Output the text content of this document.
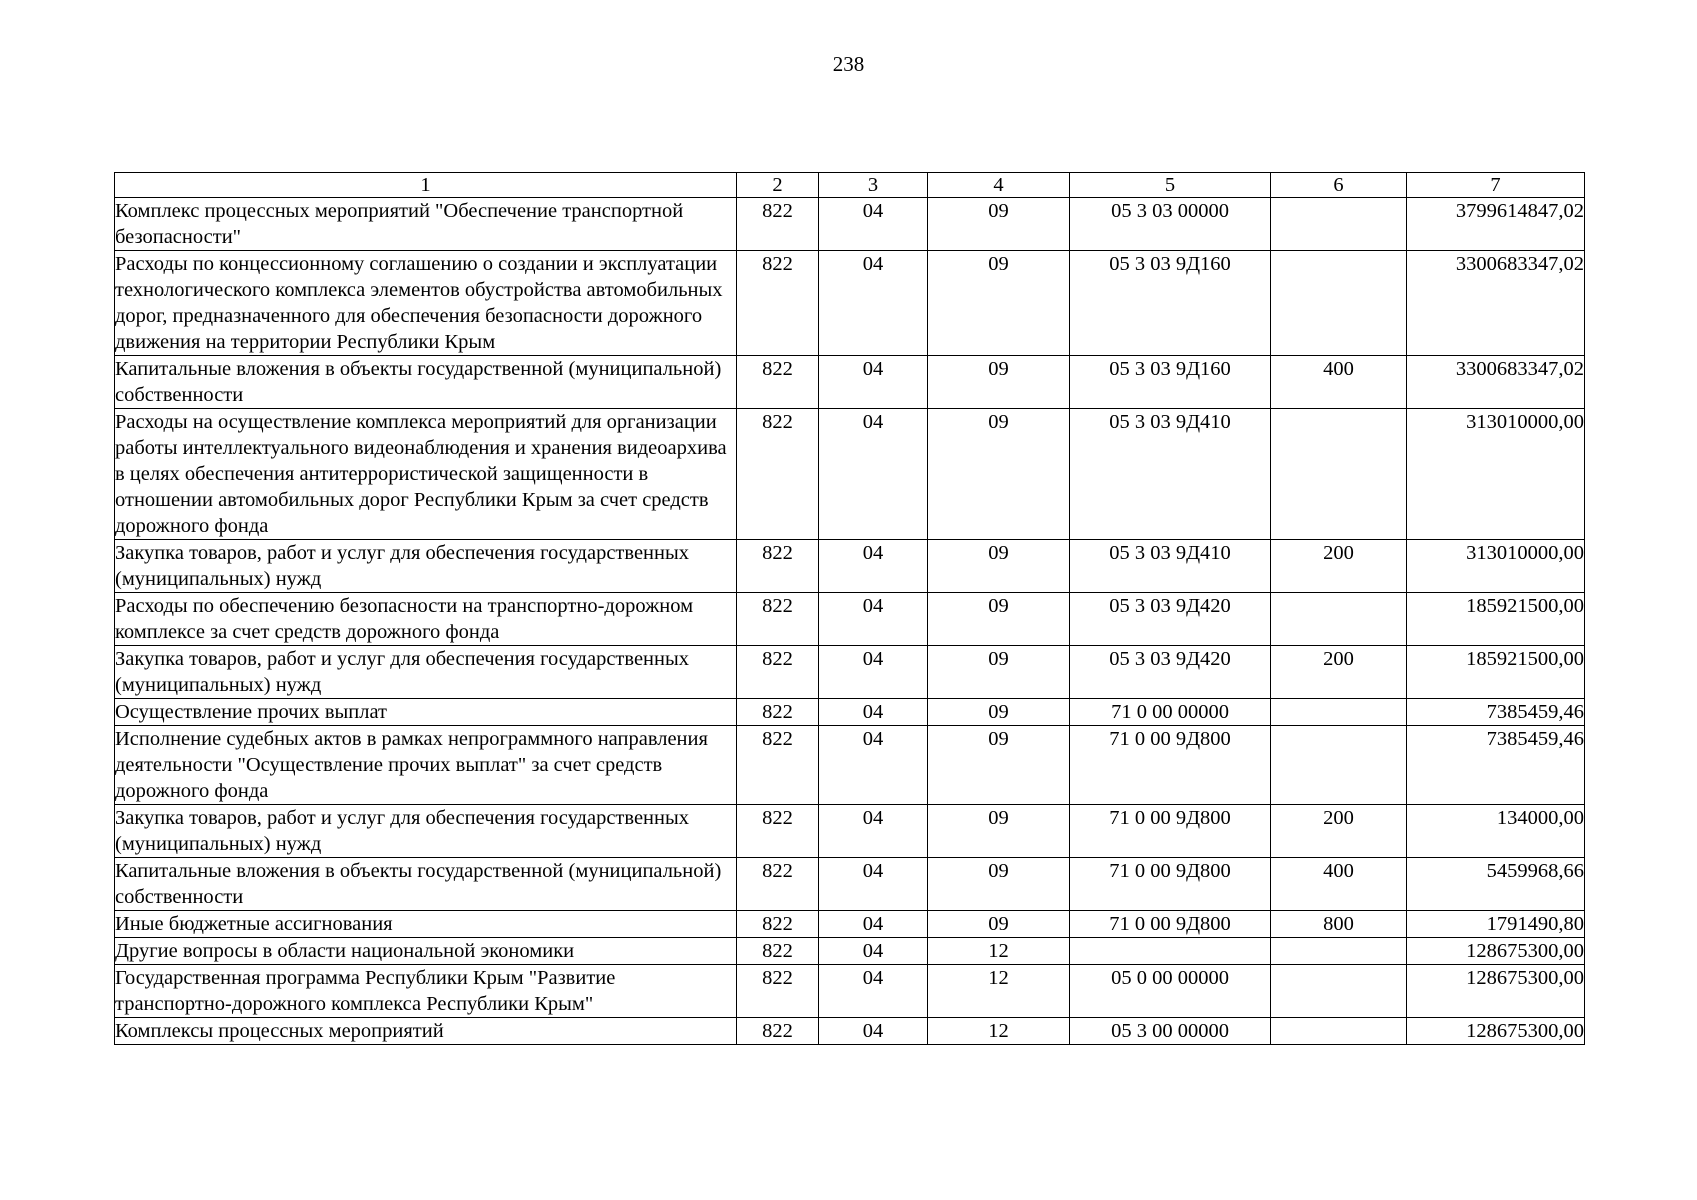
238
1	2	3	4	5	6	7
Комплекс процессных мероприятий "Обеспечение транспортной безопасности"	822	04	09	05 3 03 00000		3799614847,02
Расходы по концессионному соглашению о создании и эксплуатации технологического комплекса элементов обустройства автомобильных дорог, предназначенного для обеспечения безопасности дорожного движения на территории Республики Крым	822	04	09	05 3 03 9Д160		3300683347,02
Капитальные вложения в объекты государственной (муниципальной) собственности	822	04	09	05 3 03 9Д160	400	3300683347,02
Расходы на осуществление комплекса мероприятий для организации работы интеллектуального видеонаблюдения и хранения видеоархива в целях обеспечения антитеррористической защищенности в отношении автомобильных дорог Республики Крым за счет средств дорожного фонда	822	04	09	05 3 03 9Д410		313010000,00
Закупка товаров, работ и услуг для обеспечения государственных (муниципальных) нужд	822	04	09	05 3 03 9Д410	200	313010000,00
Расходы по обеспечению безопасности на транспортно-дорожном комплексе за счет средств дорожного фонда	822	04	09	05 3 03 9Д420		185921500,00
Закупка товаров, работ и услуг для обеспечения государственных (муниципальных) нужд	822	04	09	05 3 03 9Д420	200	185921500,00
Осуществление прочих выплат	822	04	09	71 0 00 00000		7385459,46
Исполнение судебных актов в рамках непрограммного направления деятельности "Осуществление прочих выплат" за счет средств дорожного фонда	822	04	09	71 0 00 9Д800		7385459,46
Закупка товаров, работ и услуг для обеспечения государственных (муниципальных) нужд	822	04	09	71 0 00 9Д800	200	134000,00
Капитальные вложения в объекты государственной (муниципальной) собственности	822	04	09	71 0 00 9Д800	400	5459968,66
Иные бюджетные ассигнования	822	04	09	71 0 00 9Д800	800	1791490,80
Другие вопросы в области национальной экономики	822	04	12			128675300,00
Государственная программа Республики Крым "Развитие транспортно-дорожного комплекса Республики Крым"	822	04	12	05 0 00 00000		128675300,00
Комплексы процессных мероприятий	822	04	12	05 3 00 00000		128675300,00
